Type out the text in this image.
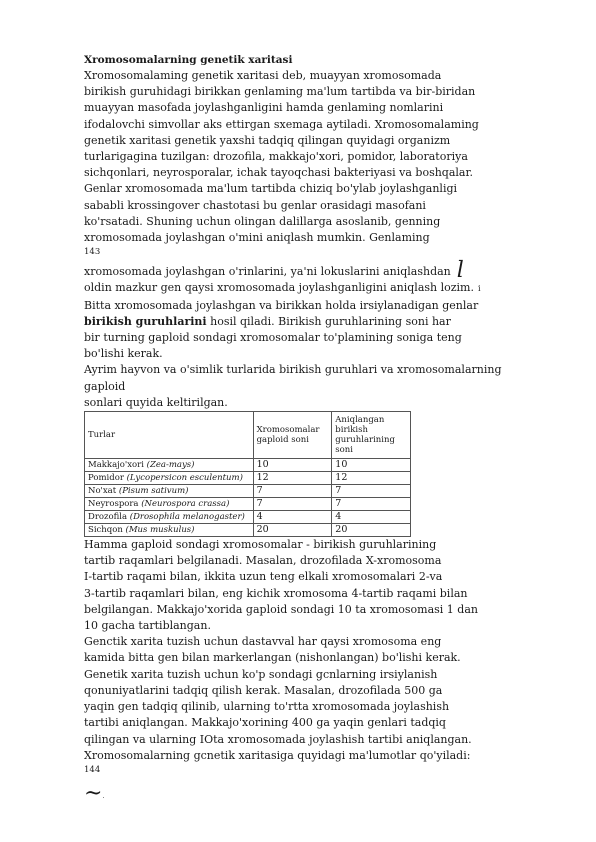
Xromosomalarning genetik xaritasi

Xromosomalaming genetik xaritasi deb, muayyan xromosomada

birikish guruhidagi birikkan genlaming ma'lum tartibda va bir-biridan

muayyan masofada joylashganligini hamda genlaming nomlarini

ifodalovchi simvollar aks ettirgan sxemaga aytiladi. Xromosomalaming

genetik xaritasi genetik yaxshi tadqiq qilingan quyidagi organizm

turlarigagina tuzilgan: drozofila, makkajo'xori, pomidor, laboratoriya

sichqonlari, neyrosporalar, ichak tayoqchasi bakteriyasi va boshqalar.

Genlar xromosomada ma'lum tartibda chiziq bo'ylab joylashganligi

sababli krossingover chastotasi bu genlar orasidagi masofani

ko'rsatadi. Shuning uchun olingan dalillarga asoslanib, genning

xromosomada joylashgan o'mini aniqlash mumkin. Genlaming

143

xromosomada joylashgan o'rinlarini, ya'ni lokuslarini aniqlashdan l

oldin mazkur gen qaysi xromosomada joylashganligini aniqlash lozim. i

Bitta xromosomada joylashgan va birikkan holda irsiylanadigan genlar

birikish guruhlarini hosil qiladi. Birikish guruhlarining soni har

bir turning gaploid sondagi xromosomalar to'plamining soniga teng

bo'lishi kerak.

Ayrim hayvon va o'simlik turlarida birikish guruhlari va xromosomalarning gaploid

sonlari quyida keltirilgan.

Turlar	Xromosomalar gaploid soni	Aniqlangan birikish guruhlarining soni
Makkajo'xori (Zea-mays)	10	10
Pomidor (Lycopersicon esculentum)	12	12
No'xat (Pisum sativum)	7	7
Neyrospora (Neurospora crassa)	7	7
Drozofila (Drosophila melanogaster)	4	4
Sichqon (Mus muskulus)	20	20

Hamma gaploid sondagi xromosomalar - birikish guruhlarining

tartib raqamlari belgilanadi. Masalan, drozofilada X-xromosoma

I-tartib raqami bilan, ikkita uzun teng elkali xromosomalari 2-va

3-tartib raqamlari bilan, eng kichik xromosoma 4-tartib raqami bilan

belgilangan. Makkajo'xorida gaploid sondagi 10 ta xromosomasi 1 dan

10 gacha tartiblangan.

Genctik xarita tuzish uchun dastavval har qaysi xromosoma eng

kamida bitta gen bilan markerlangan (nishonlangan) bo'lishi kerak.

Genetik xarita tuzish uchun ko'p sondagi gcnlarning irsiylanish

qonuniyatlarini tadqiq qilish kerak. Masalan, drozofilada 500 ga

yaqin gen tadqiq qilinib, ularning to'rtta xromosomada joylashish

tartibi aniqlangan. Makkajo'xorining 400 ga yaqin genlari tadqiq

qilingan va ularning IOta xromosomada joylashish tartibi aniqlangan.

Xromosomalarning gcnetik xaritasiga quyidagi ma'lumotlar qo'yiladi:

144

~·
